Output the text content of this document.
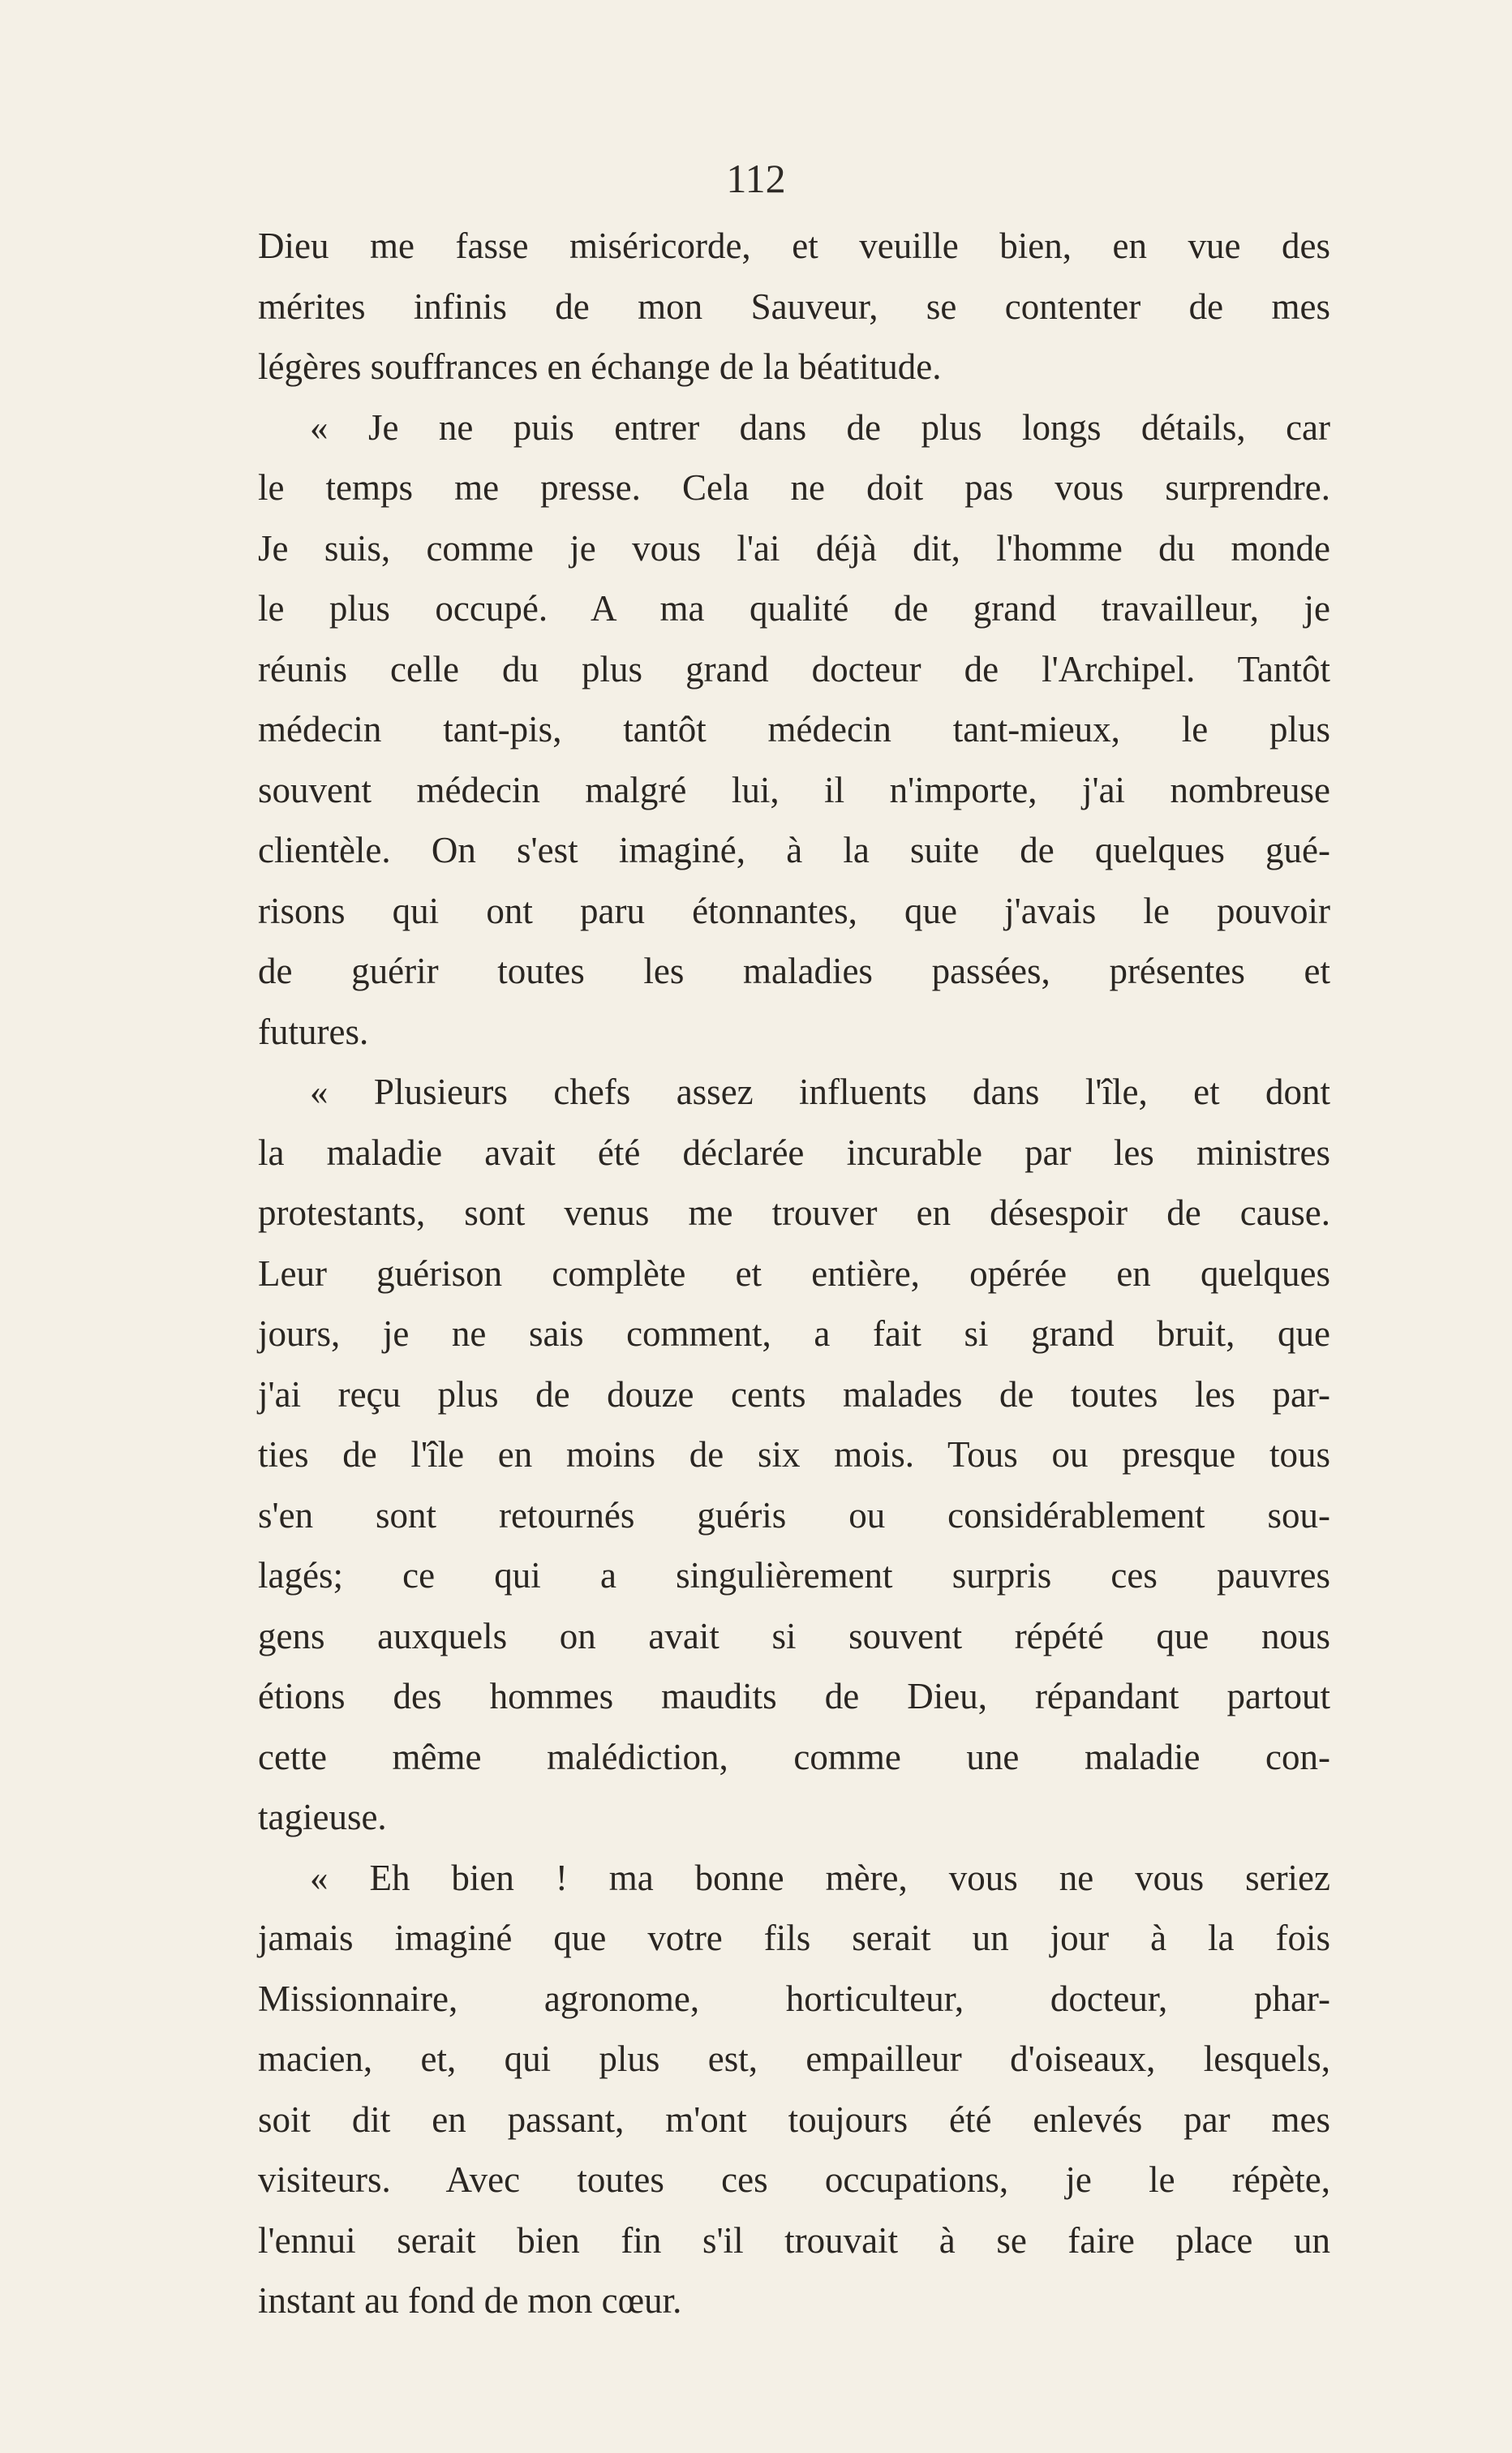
112
Dieu me fasse miséricorde, et veuille bien, en vue des
mérites infinis de mon Sauveur, se contenter de mes
légères souffrances en échange de la béatitude.
« Je ne puis entrer dans de plus longs détails, car
le temps me presse. Cela ne doit pas vous surprendre.
Je suis, comme je vous l'ai déjà dit, l'homme du monde
le plus occupé. A ma qualité de grand travailleur, je
réunis celle du plus grand docteur de l'Archipel. Tantôt
médecin tant-pis, tantôt médecin tant-mieux, le plus
souvent médecin malgré lui, il n'importe, j'ai nombreuse
clientèle. On s'est imaginé, à la suite de quelques gué-
risons qui ont paru étonnantes, que j'avais le pouvoir
de guérir toutes les maladies passées, présentes et
futures.
« Plusieurs chefs assez influents dans l'île, et dont
la maladie avait été déclarée incurable par les ministres
protestants, sont venus me trouver en désespoir de cause.
Leur guérison complète et entière, opérée en quelques
jours, je ne sais comment, a fait si grand bruit, que
j'ai reçu plus de douze cents malades de toutes les par-
ties de l'île en moins de six mois. Tous ou presque tous
s'en sont retournés guéris ou considérablement sou-
lagés; ce qui a singulièrement surpris ces pauvres
gens auxquels on avait si souvent répété que nous
étions des hommes maudits de Dieu, répandant partout
cette même malédiction, comme une maladie con-
tagieuse.
« Eh bien ! ma bonne mère, vous ne vous seriez
jamais imaginé que votre fils serait un jour à la fois
Missionnaire, agronome, horticulteur, docteur, phar-
macien, et, qui plus est, empailleur d'oiseaux, lesquels,
soit dit en passant, m'ont toujours été enlevés par mes
visiteurs. Avec toutes ces occupations, je le répète,
l'ennui serait bien fin s'il trouvait à se faire place un
instant au fond de mon cœur.
